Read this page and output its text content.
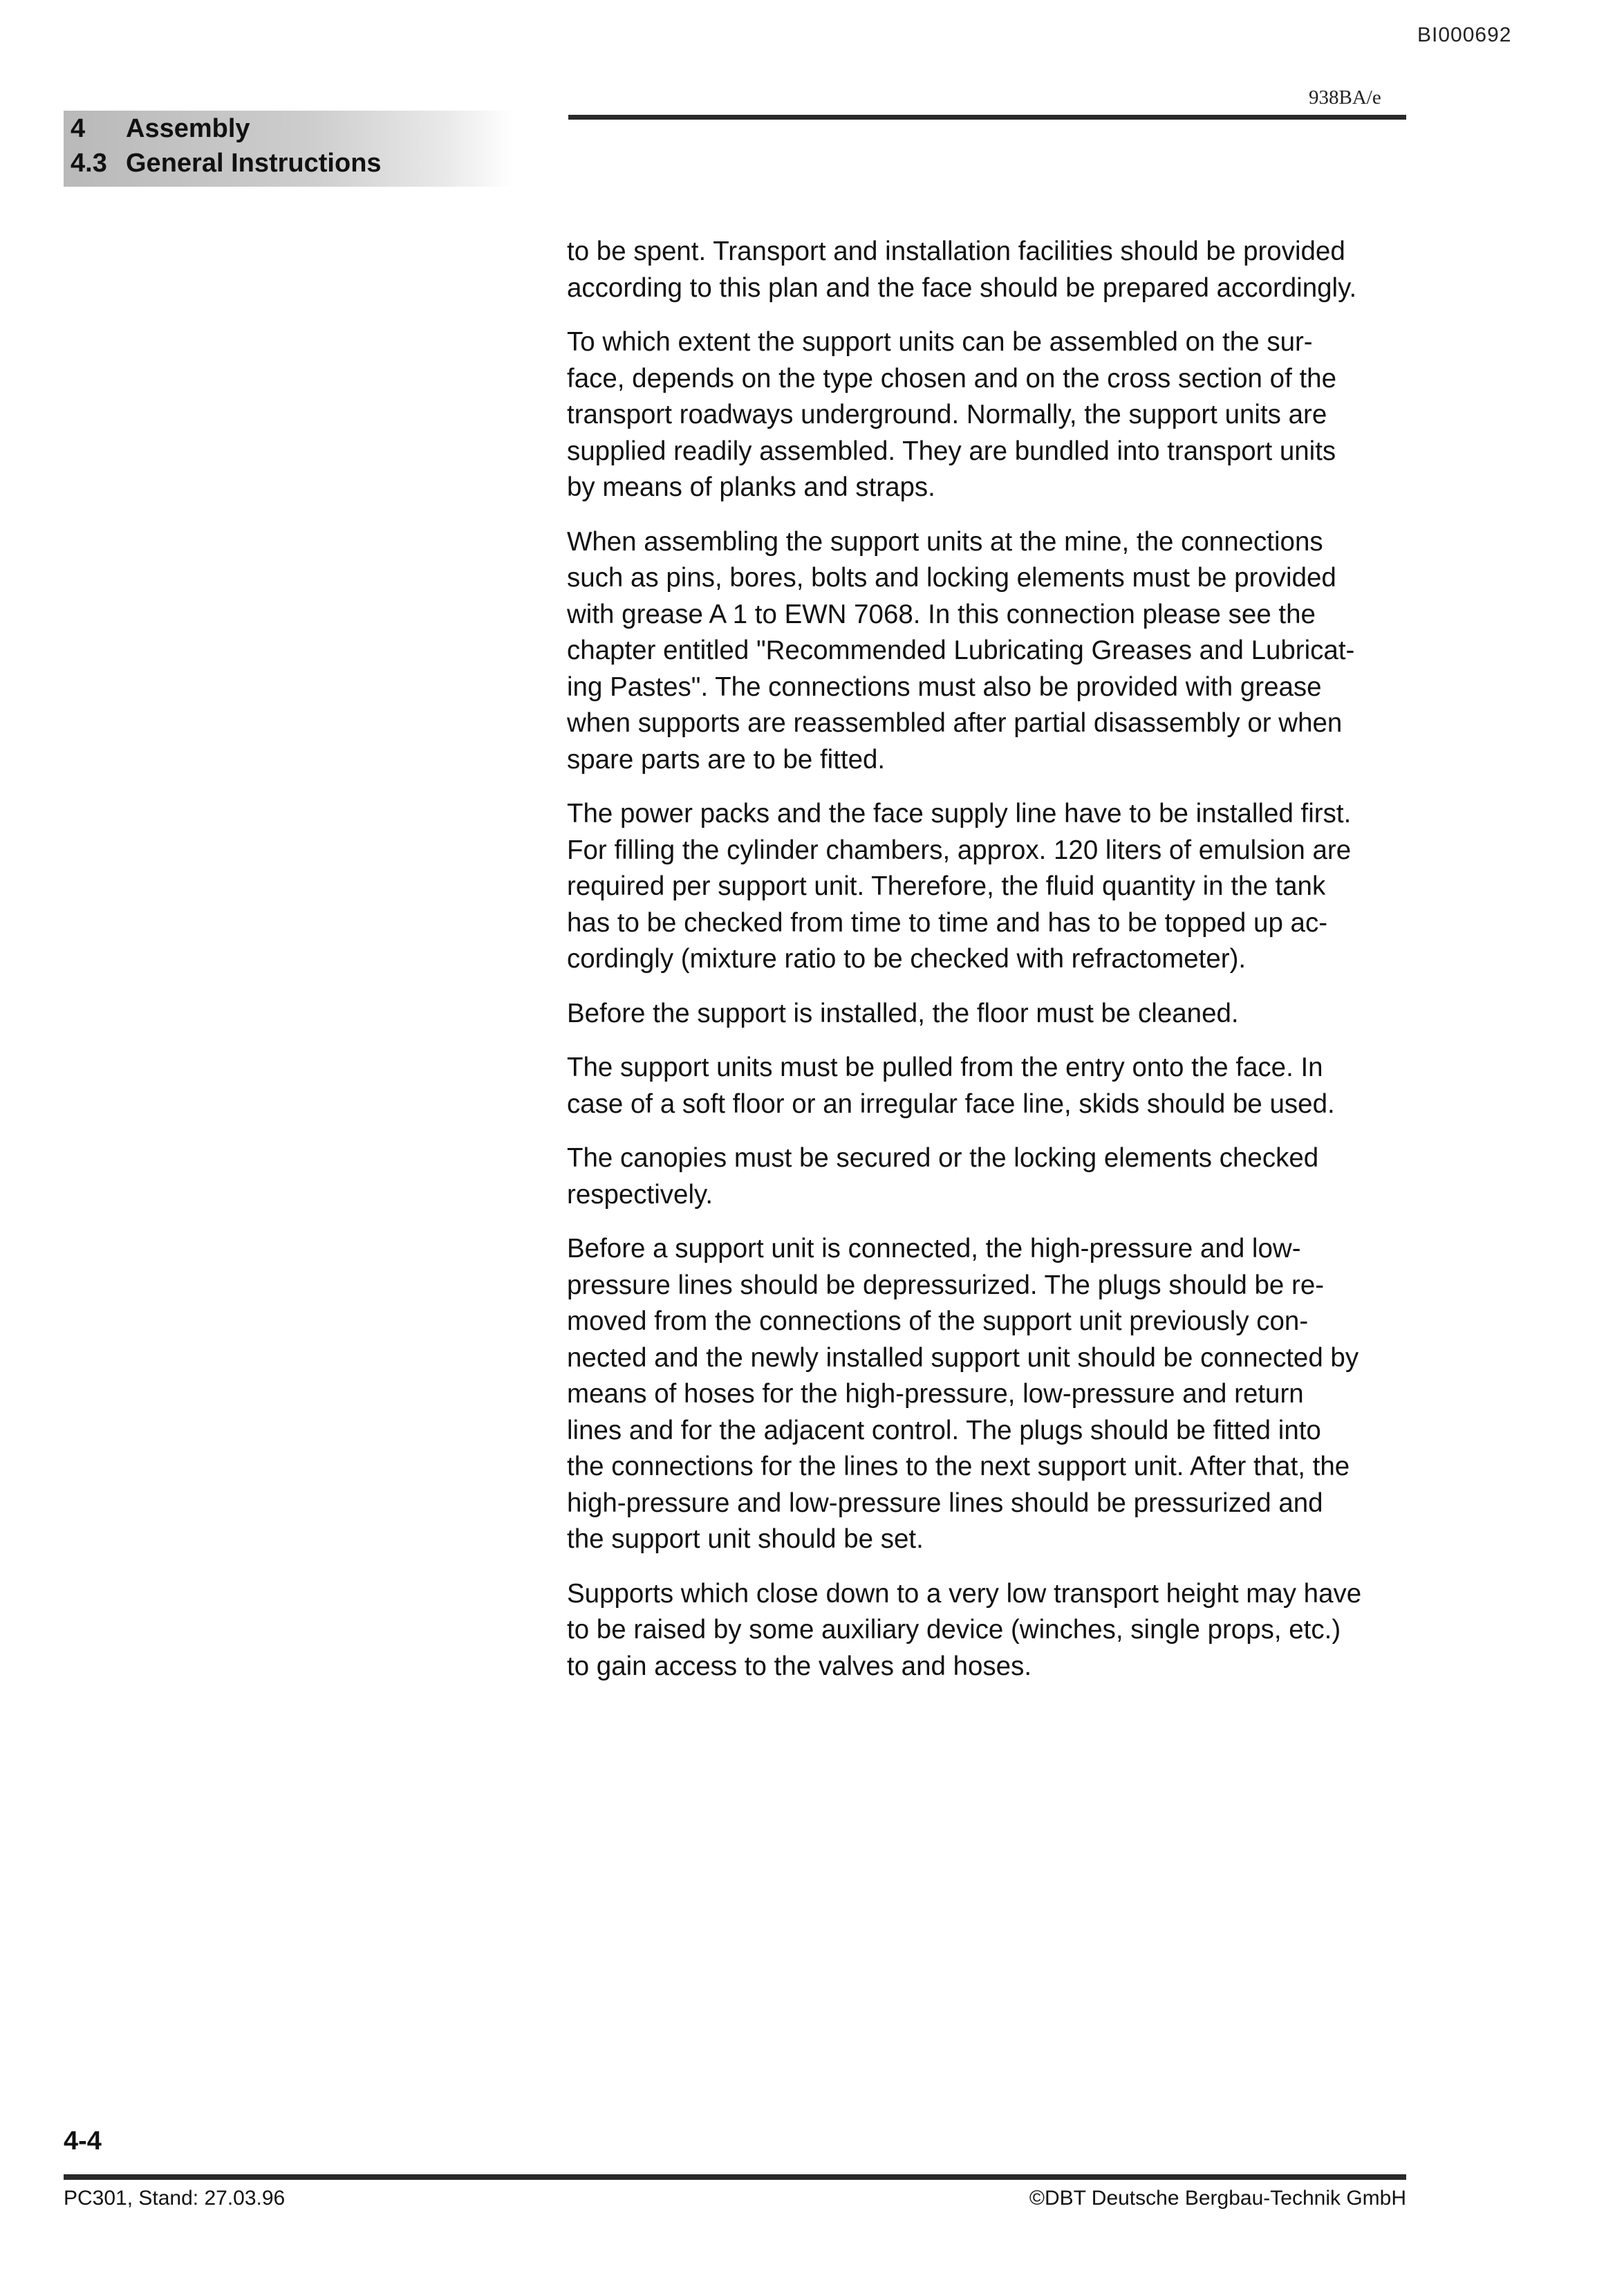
BI000692
938BA/e
4 Assembly
4.3 General Instructions
to be spent. Transport and installation facilities should be provided
according to this plan and the face should be prepared accordingly.
To which extent the support units can be assembled on the sur-
face, depends on the type chosen and on the cross section of the
transport roadways underground. Normally, the support units are
supplied readily assembled. They are bundled into transport units
by means of planks and straps.
When assembling the support units at the mine, the connections
such as pins, bores, bolts and locking elements must be provided
with grease A 1 to EWN 7068. In this connection please see the
chapter entitled "Recommended Lubricating Greases and Lubricat-
ing Pastes". The connections must also be provided with grease
when supports are reassembled after partial disassembly or when
spare parts are to be fitted.
The power packs and the face supply line have to be installed first.
For filling the cylinder chambers, approx. 120 liters of emulsion are
required per support unit. Therefore, the fluid quantity in the tank
has to be checked from time to time and has to be topped up ac-
cordingly (mixture ratio to be checked with refractometer).
Before the support is installed, the floor must be cleaned.
The support units must be pulled from the entry onto the face. In
case of a soft floor or an irregular face line, skids should be used.
The canopies must be secured or the locking elements checked
respectively.
Before a support unit is connected, the high-pressure and low-
pressure lines should be depressurized. The plugs should be re-
moved from the connections of the support unit previously con-
nected and the newly installed support unit should be connected by
means of hoses for the high-pressure, low-pressure and return
lines and for the adjacent control. The plugs should be fitted into
the connections for the lines to the next support unit. After that, the
high-pressure and low-pressure lines should be pressurized and
the support unit should be set.
Supports which close down to a very low transport height may have
to be raised by some auxiliary device (winches, single props, etc.)
to gain access to the valves and hoses.
4-4
PC301, Stand: 27.03.96	©DBT Deutsche Bergbau-Technik GmbH
